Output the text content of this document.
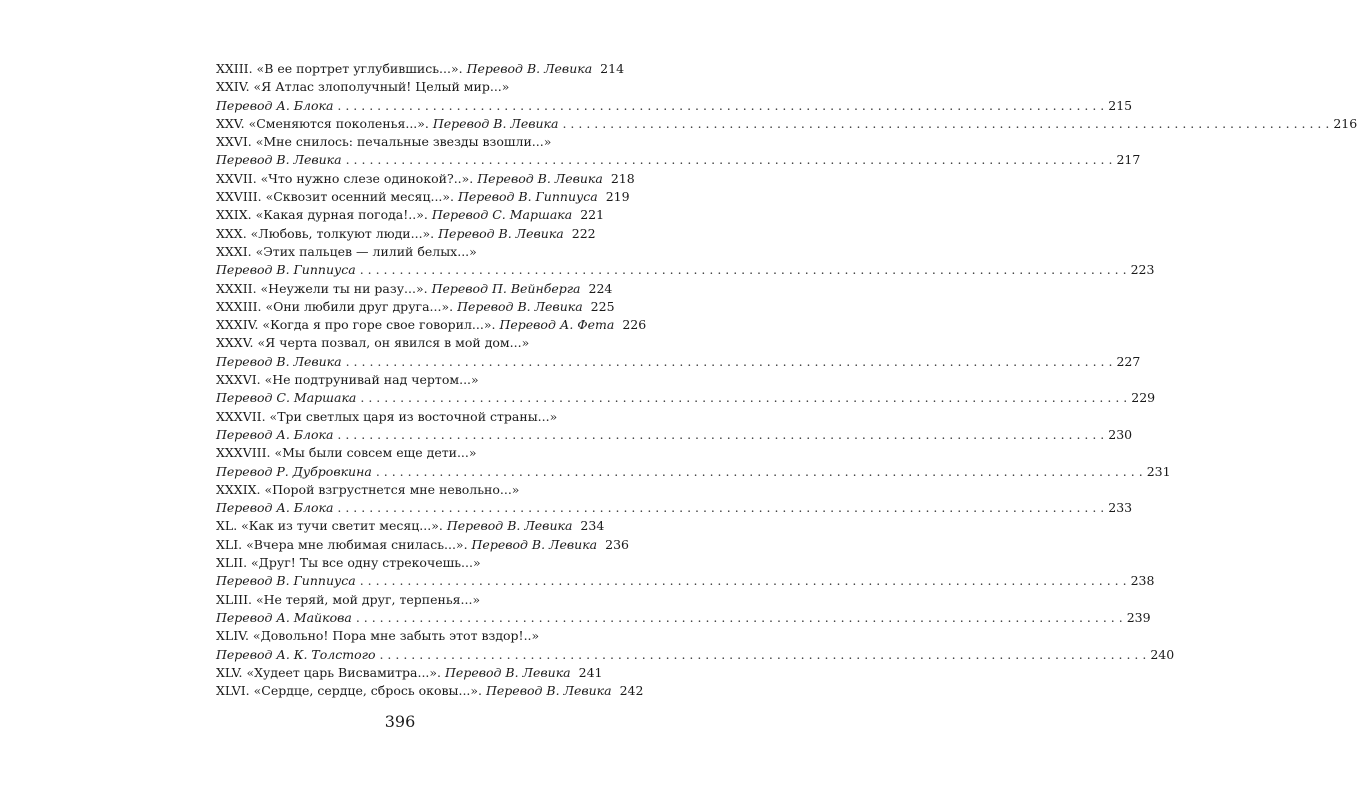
XXIII. «В ее портрет углубившись...». Перевод В. Левика 214
XXIV. «Я Атлас злополучный! Целый мир...»
Перевод А. Блока . . .	215
XXV. «Сменяются поколенья...». Перевод В. Левика . . .	216
XXVI. «Мне снилось: печальные звезды взошли...»
Перевод В. Левика . . .	217
XXVII. «Что нужно слезе одинокой?..». Перевод В. Левика 218
XXVIII. «Сквозит осенний месяц...». Перевод В. Гиппиуса 219
XXIX. «Какая дурная погода!..». Перевод С. Маршака 221
XXX. «Любовь, толкуют люди...». Перевод В. Левика 222
XXXI. «Этих пальцев — лилий белых...»
Перевод В. Гиппиуса . . .	223
XXXII. «Неужели ты ни разу...». Перевод П. Вейнберга 224
XXXIII. «Они любили друг друга...». Перевод В. Левика 225
XXXIV. «Когда я про горе свое говорил...». Перевод А. Фета 226
XXXV. «Я черта позвал, он явился в мой дом...»
Перевод В. Левика . . .	227
XXXVI. «Не подтрунивай над чертом...»
Перевод С. Маршака . . .	229
XXXVII. «Три светлых царя из восточной страны...»
Перевод А. Блока . . .	230
XXXVIII. «Мы были совсем еще дети...»
Перевод Р. Дубровкина . . .	231
XXXIX. «Порой взгрустнется мне невольно...»
Перевод А. Блока . . .	233
XL. «Как из тучи светит месяц...». Перевод В. Левика 234
XLI. «Вчера мне любимая снилась...». Перевод В. Левика 236
XLII. «Друг! Ты все одну стрекочешь...»
Перевод В. Гиппиуса . . .	238
XLIII. «Не теряй, мой друг, терпенья...»
Перевод А. Майкова . . .	239
XLIV. «Довольно! Пора мне забыть этот вздор!..»
Перевод А. К. Толстого . . .	240
XLV. «Худеет царь Висвамитра...». Перевод В. Левика 241
XLVI. «Сердце, сердце, сбрось оковы...». Перевод В. Левика 242
396
